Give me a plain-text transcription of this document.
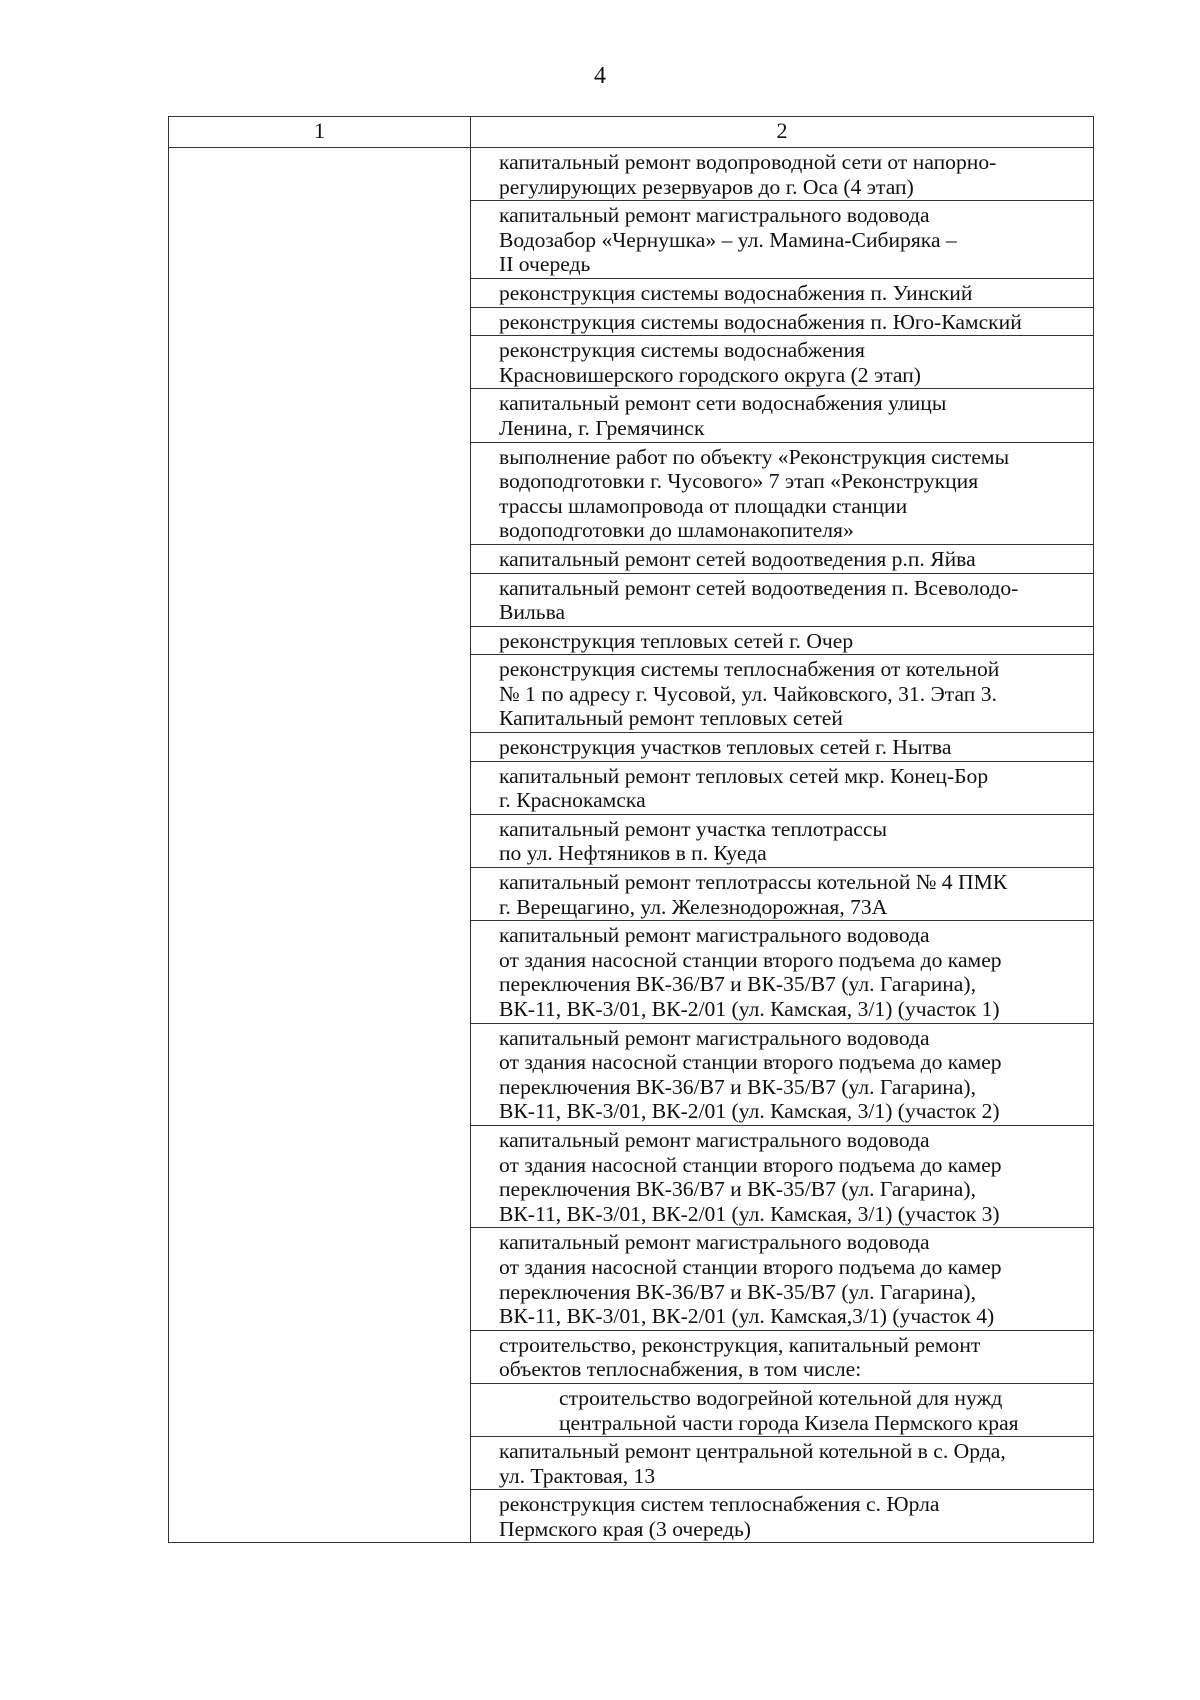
4
1	2

	капитальный ремонт водопроводной сети от напорно-
регулирующих резервуаров до г. Оса (4 этап)

	капитальный ремонт магистрального водовода
Водозабор «Чернушка» – ул. Мамина-Сибиряка –
II очередь

	реконструкция системы водоснабжения п. Уинский

	реконструкция системы водоснабжения п. Юго-Камский

	реконструкция системы водоснабжения
Красновишерского городского округа (2 этап)

	капитальный ремонт сети водоснабжения улицы
Ленина, г. Гремячинск

	выполнение работ по объекту «Реконструкция системы
водоподготовки г. Чусового» 7 этап «Реконструкция
трассы шламопровода от площадки станции
водоподготовки до шламонакопителя»

	капитальный ремонт сетей водоотведения р.п. Яйва

	капитальный ремонт сетей водоотведения п. Всеволодо-
Вильва

	реконструкция тепловых сетей г. Очер

	реконструкция системы теплоснабжения от котельной
№ 1 по адресу г. Чусовой, ул. Чайковского, 31. Этап 3.
Капитальный ремонт тепловых сетей

	реконструкция участков тепловых сетей г. Нытва

	капитальный ремонт тепловых сетей мкр. Конец-Бор
г. Краснокамска

	капитальный ремонт участка теплотрассы
по ул. Нефтяников в п. Куеда

	капитальный ремонт теплотрассы котельной № 4 ПМК
г. Верещагино, ул. Железнодорожная, 73А

	капитальный ремонт магистрального водовода
от здания насосной станции второго подъема до камер
переключения ВК-36/В7 и ВК-35/В7 (ул. Гагарина),
ВК-11, ВК-3/01, ВК-2/01 (ул. Камская, 3/1) (участок 1)

	капитальный ремонт магистрального водовода
от здания насосной станции второго подъема до камер
переключения ВК-36/В7 и ВК-35/В7 (ул. Гагарина),
ВК-11, ВК-3/01, ВК-2/01 (ул. Камская, 3/1) (участок 2)

	капитальный ремонт магистрального водовода
от здания насосной станции второго подъема до камер
переключения ВК-36/В7 и ВК-35/В7 (ул. Гагарина),
ВК-11, ВК-3/01, ВК-2/01 (ул. Камская, 3/1) (участок 3)

	капитальный ремонт магистрального водовода
от здания насосной станции второго подъема до камер
переключения ВК-36/В7 и ВК-35/В7 (ул. Гагарина),
ВК-11, ВК-3/01, ВК-2/01 (ул. Камская,3/1) (участок 4)

	строительство, реконструкция, капитальный ремонт
объектов теплоснабжения, в том числе:

	строительство водогрейной котельной для нужд
центральной части города Кизела Пермского края

	капитальный ремонт центральной котельной в с. Орда,
ул. Трактовая, 13

	реконструкция систем теплоснабжения с. Юрла
Пермского края (3 очередь)
